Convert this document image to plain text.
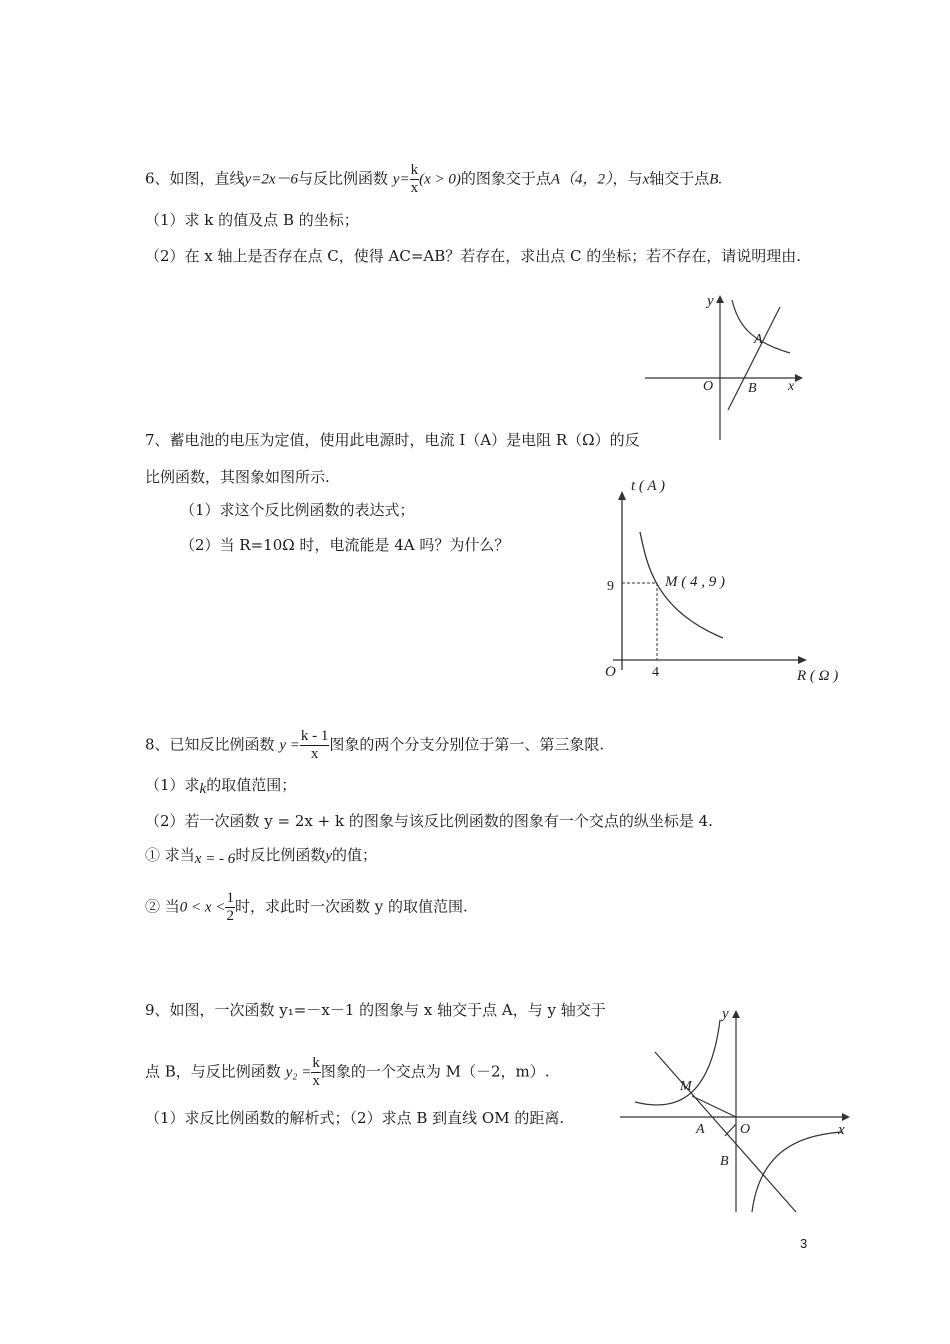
6、如图，直线y=2x－6与反比例函数 $y= \frac{k}{x} (x > 0)$的图象交于点A（4，2），与x轴交于点B.
（1）求 k 的值及点 B 的坐标；
（2）在 x 轴上是否存在点 C，使得 AC=AB？若存在，求出点 C 的坐标；若不存在，请说明理由.
y
A
O B x
7、蓄电池的电压为定值，使用此电源时，电流 I（A）是电阻 R（Ω）的反
比例函数，其图象如图所示.
（1）求这个反比例函数的表达式；
（2）当 R=10Ω 时，电流能是 4A 吗？为什么？
t ( A )
M ( 4 , 9 )
9
4
O	R ( Ω )
8、已知反比例函数 $y = \frac{k - 1}{x}$ 图象的两个分支分别位于第一、第三象限.
（1）求k的取值范围；
（2）若一次函数 y = 2x + k 的图象与该反比例函数的图象有一个交点的纵坐标是 4.
① 求当x = - 6时反比例函数y的值；
② 当$0 < x < \frac{1}{2}$ 时，求此时一次函数 y 的取值范围.
9、如图，一次函数 y₁=－x－1 的图象与 x 轴交于点 A，与 y 轴交于
点 B，与反比例函数 $y_2 = \frac{k}{x}$ 图象的一个交点为 M（－2，m）.
（1）求反比例函数的解析式；（2）求点 B 到直线 OM 的距离.
y
x
M
A	O
B
3
